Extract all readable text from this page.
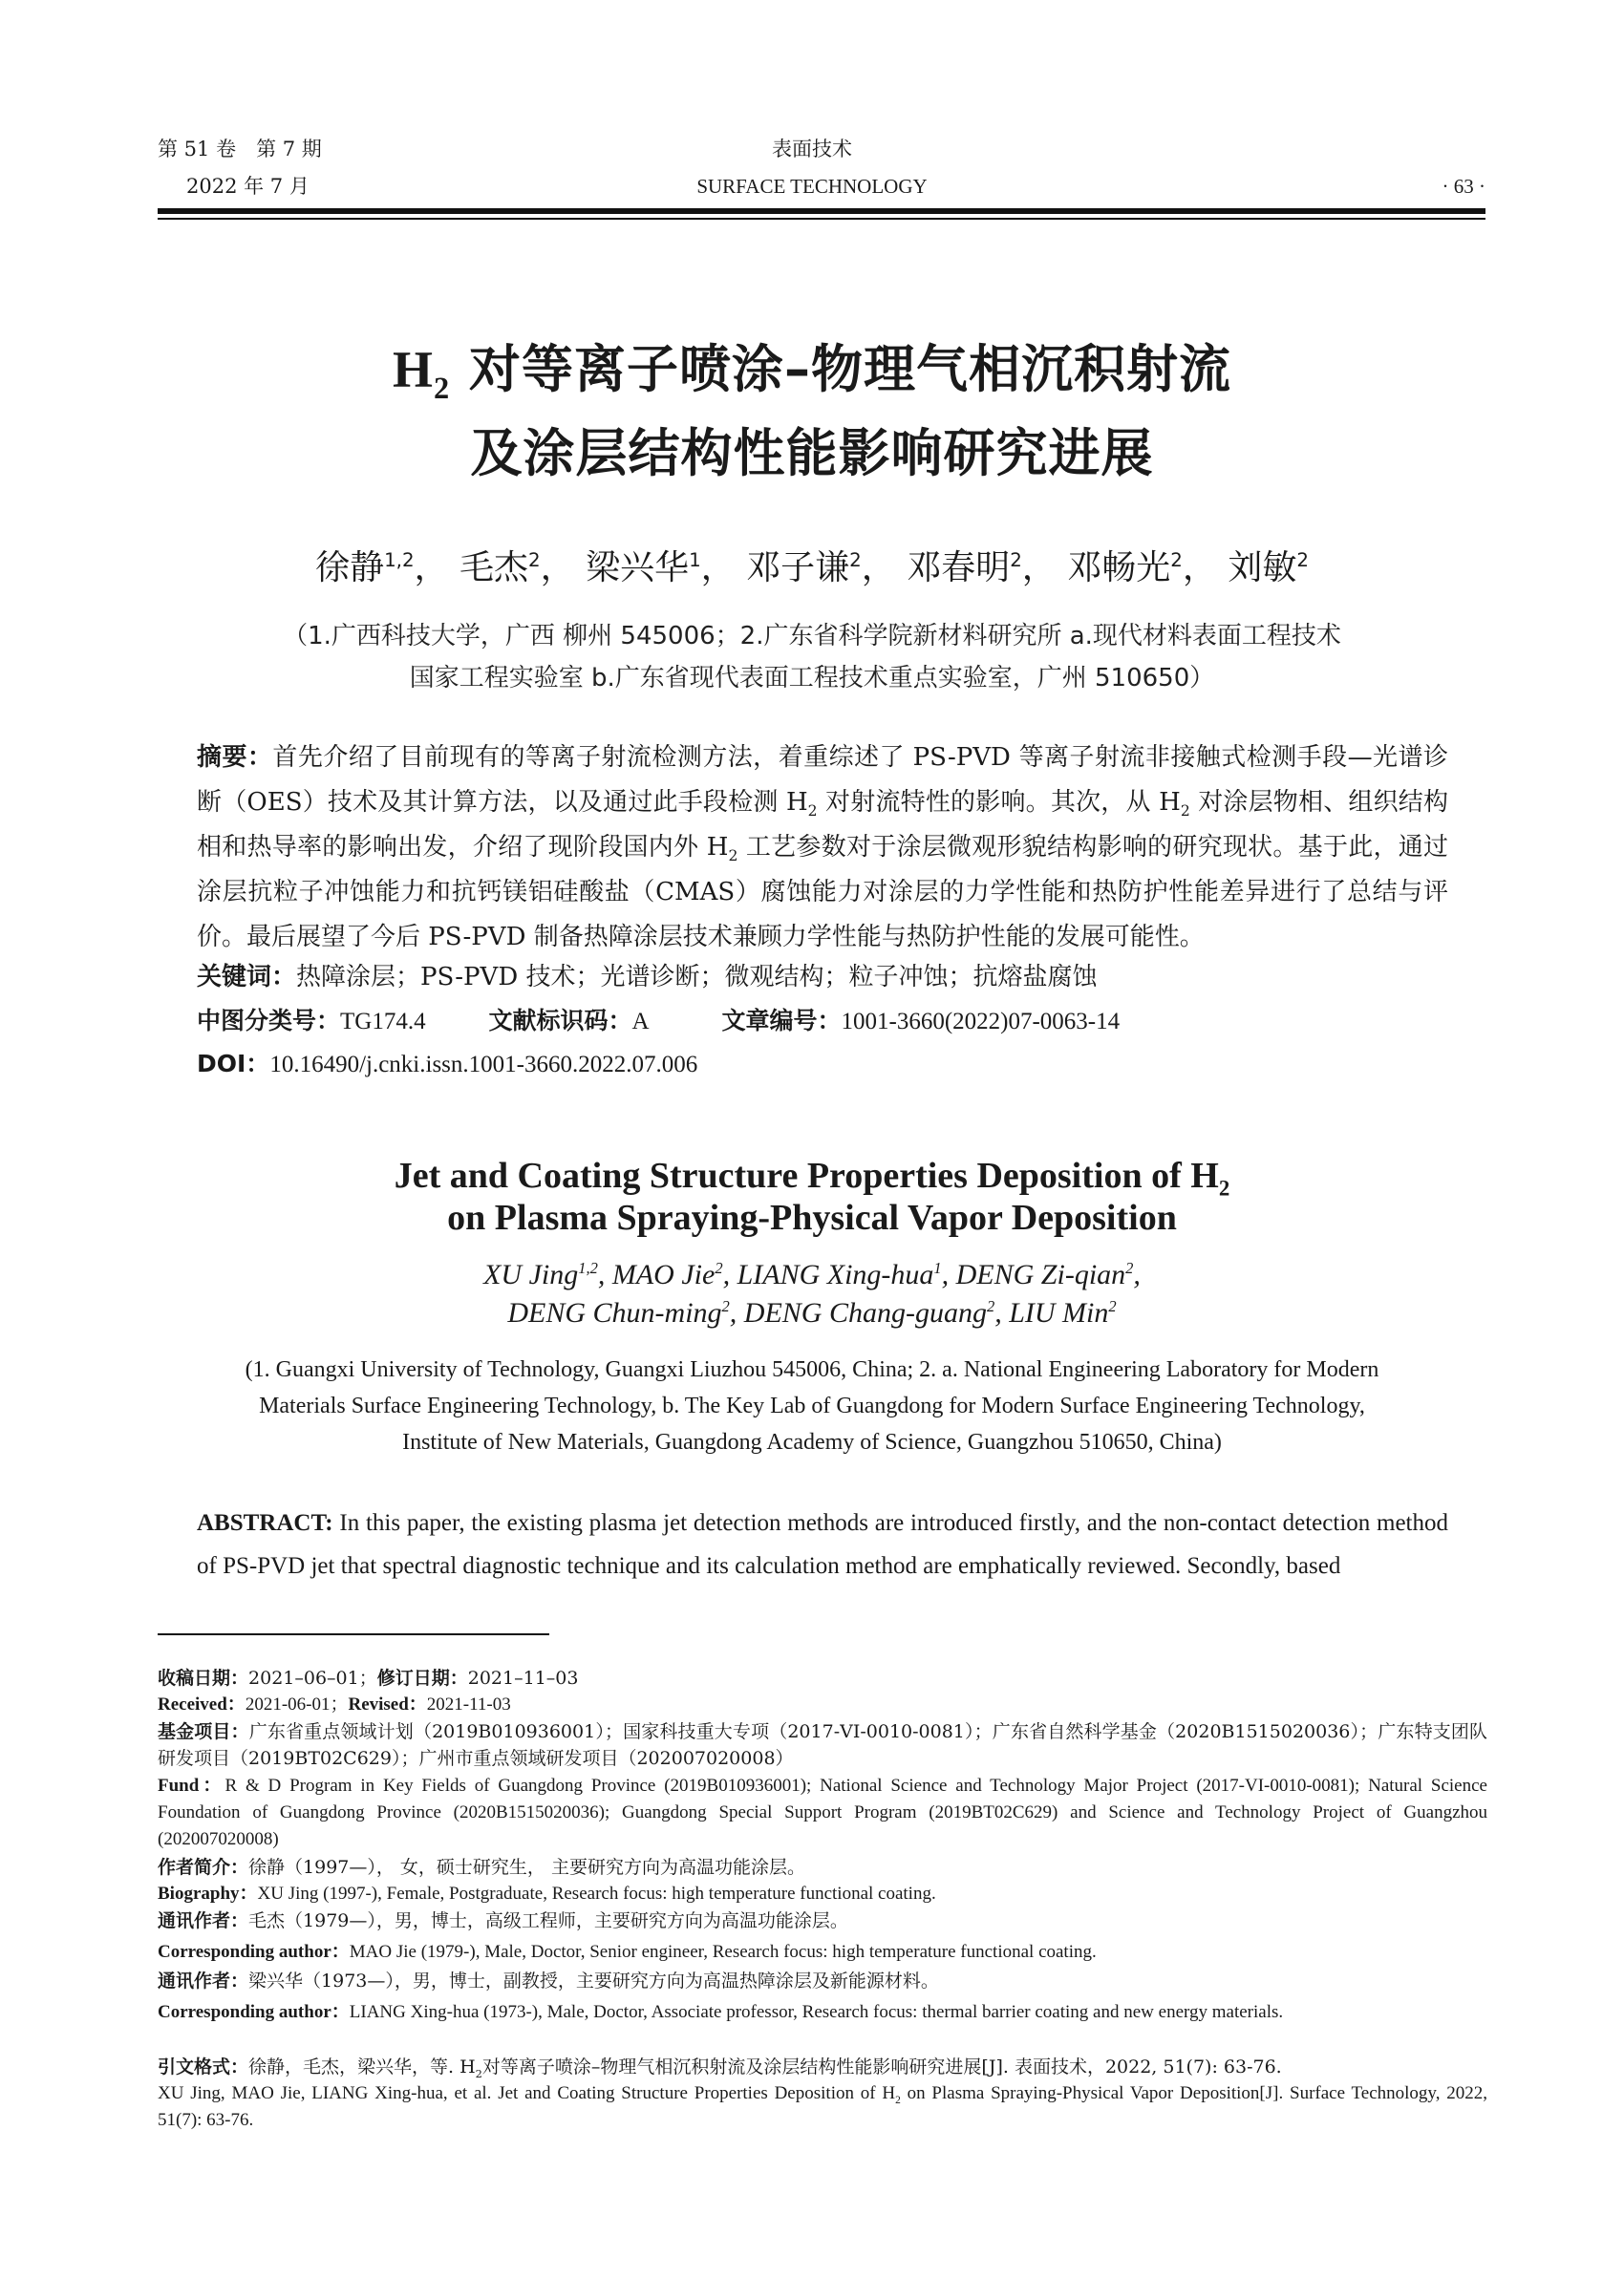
第 51 卷　第 7 期
2022 年 7 月
表面技术
SURFACE TECHNOLOGY	· 63 ·
$H_2$ 对等离子喷涂–物理气相沉积射流
及涂层结构性能影响研究进展
徐静$^{1,2}$， 毛杰$^2$， 梁兴华$^1$， 邓子谦$^2$， 邓春明$^2$， 邓畅光$^2$， 刘敏$^2$
（1.广西科技大学，广西 柳州 545006；2.广东省科学院新材料研究所 a.现代材料表面工程技术
国家工程实验室 b.广东省现代表面工程技术重点实验室，广州 510650）
摘要：首先介绍了目前现有的等离子射流检测方法，着重综述了 PS-PVD 等离子射流非接触式检测手段—光谱诊断（OES）技术及其计算方法，以及通过此手段检测 $H_2$ 对射流特性的影响。其次，从 $H_2$ 对涂层物相、组织结构相和热导率的影响出发，介绍了现阶段国内外 $H_2$ 工艺参数对于涂层微观形貌结构影响的研究现状。基于此，通过涂层抗粒子冲蚀能力和抗钙镁铝硅酸盐（CMAS）腐蚀能力对涂层的力学性能和热防护性能差异进行了总结与评价。最后展望了今后 PS-PVD 制备热障涂层技术兼顾力学性能与热防护性能的发展可能性。
关键词：热障涂层；PS-PVD 技术；光谱诊断；微观结构；粒子冲蚀；抗熔盐腐蚀
中图分类号：TG174.4	文献标识码：A	文章编号：1001-3660(2022)07-0063-14
DOI：10.16490/j.cnki.issn.1001-3660.2022.07.006
Jet and Coating Structure Properties Deposition of $H_2$
on Plasma Spraying-Physical Vapor Deposition
XU Jing$^{1,2}$, MAO Jie$^2$, LIANG Xing-hua$^1$, DENG Zi-qian$^2$,
DENG Chun-ming$^2$, DENG Chang-guang$^2$, LIU Min$^2$
(1. Guangxi University of Technology, Guangxi Liuzhou 545006, China; 2. a. National Engineering Laboratory for Modern
Materials Surface Engineering Technology, b. The Key Lab of Guangdong for Modern Surface Engineering Technology,
Institute of New Materials, Guangdong Academy of Science, Guangzhou 510650, China)
ABSTRACT: In this paper, the existing plasma jet detection methods are introduced firstly, and the non-contact detection method of PS-PVD jet that spectral diagnostic technique and its calculation method are emphatically reviewed. Secondly, based
收稿日期：2021–06–01；修订日期：2021–11–03
Received：2021-06-01；Revised：2021-11-03
基金项目：广东省重点领域计划（2019B010936001）；国家科技重大专项（2017-VI-0010-0081）；广东省自然科学基金（2020B1515020036）；广东特支团队研发项目（2019BT02C629）；广州市重点领域研发项目（202007020008）
Fund：R & D Program in Key Fields of Guangdong Province (2019B010936001); National Science and Technology Major Project (2017-VI-0010-0081); Natural Science Foundation of Guangdong Province (2020B1515020036); Guangdong Special Support Program (2019BT02C629) and Science and Technology Project of Guangzhou (202007020008)
作者简介：徐静（1997—）， 女，硕士研究生， 主要研究方向为高温功能涂层。
Biography：XU Jing (1997-), Female, Postgraduate, Research focus: high temperature functional coating.
通讯作者：毛杰（1979—），男，博士，高级工程师，主要研究方向为高温功能涂层。
Corresponding author：MAO Jie (1979-), Male, Doctor, Senior engineer, Research focus: high temperature functional coating.
通讯作者：梁兴华（1973—），男，博士，副教授，主要研究方向为高温热障涂层及新能源材料。
Corresponding author：LIANG Xing-hua (1973-), Male, Doctor, Associate professor, Research focus: thermal barrier coating and new energy materials.
引文格式：徐静，毛杰，梁兴华，等. $H_2$对等离子喷涂–物理气相沉积射流及涂层结构性能影响研究进展[J]. 表面技术，2022, 51(7): 63-76.
XU Jing, MAO Jie, LIANG Xing-hua, et al. Jet and Coating Structure Properties Deposition of $H_2$ on Plasma Spraying-Physical Vapor Deposition[J]. Surface Technology, 2022, 51(7): 63-76.
